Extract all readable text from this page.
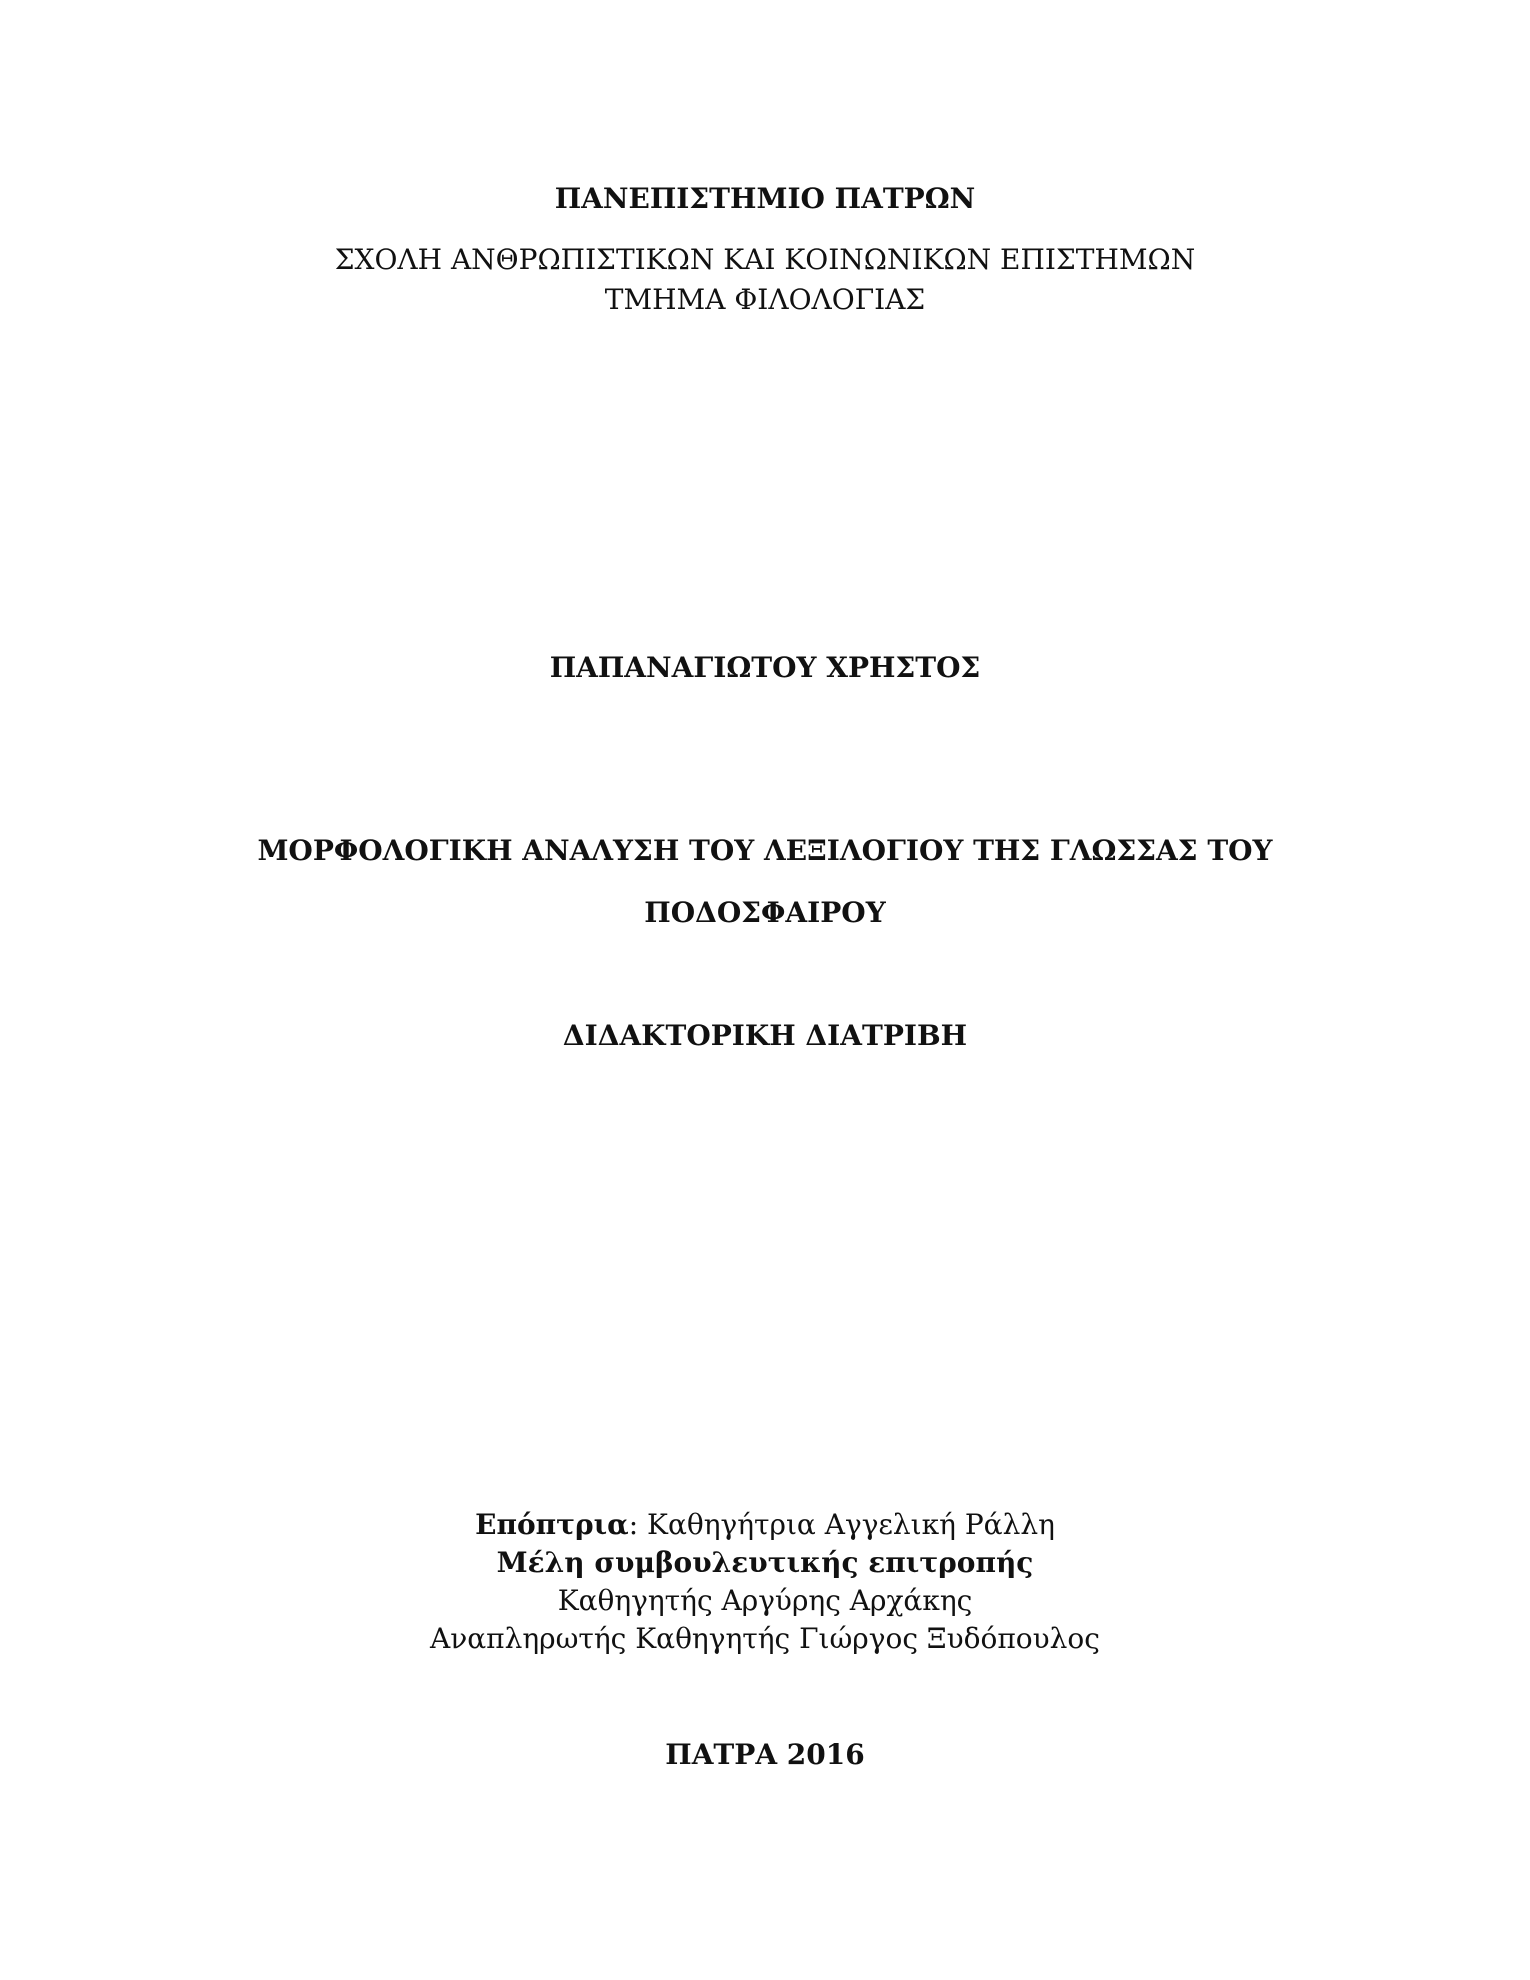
ΠΑΝΕΠΙΣΤΗΜΙΟ ΠΑΤΡΩΝ

ΣΧΟΛΗ ΑΝΘΡΩΠΙΣΤΙΚΩΝ ΚΑΙ ΚΟΙΝΩΝΙΚΩΝ ΕΠΙΣΤΗΜΩΝ

ΤΜΗΜΑ ΦΙΛΟΛΟΓΙΑΣ

ΠΑΠΑΝΑΓΙΩΤΟΥ ΧΡΗΣΤΟΣ

ΜΟΡΦΟΛΟΓΙΚΗ ΑΝΑΛΥΣΗ ΤΟΥ ΛΕΞΙΛΟΓΙΟΥ ΤΗΣ ΓΛΩΣΣΑΣ ΤΟΥ

ΠΟΔΟΣΦΑΙΡΟΥ

ΔΙΔΑΚΤΟΡΙΚΗ ΔΙΑΤΡΙΒΗ

Επόπτρια: Καθηγήτρια Αγγελική Ράλλη

Μέλη συμβουλευτικής επιτροπής

Καθηγητής Αργύρης Αρχάκης

Αναπληρωτής Καθηγητής Γιώργος Ξυδόπουλος

ΠΑΤΡΑ 2016
